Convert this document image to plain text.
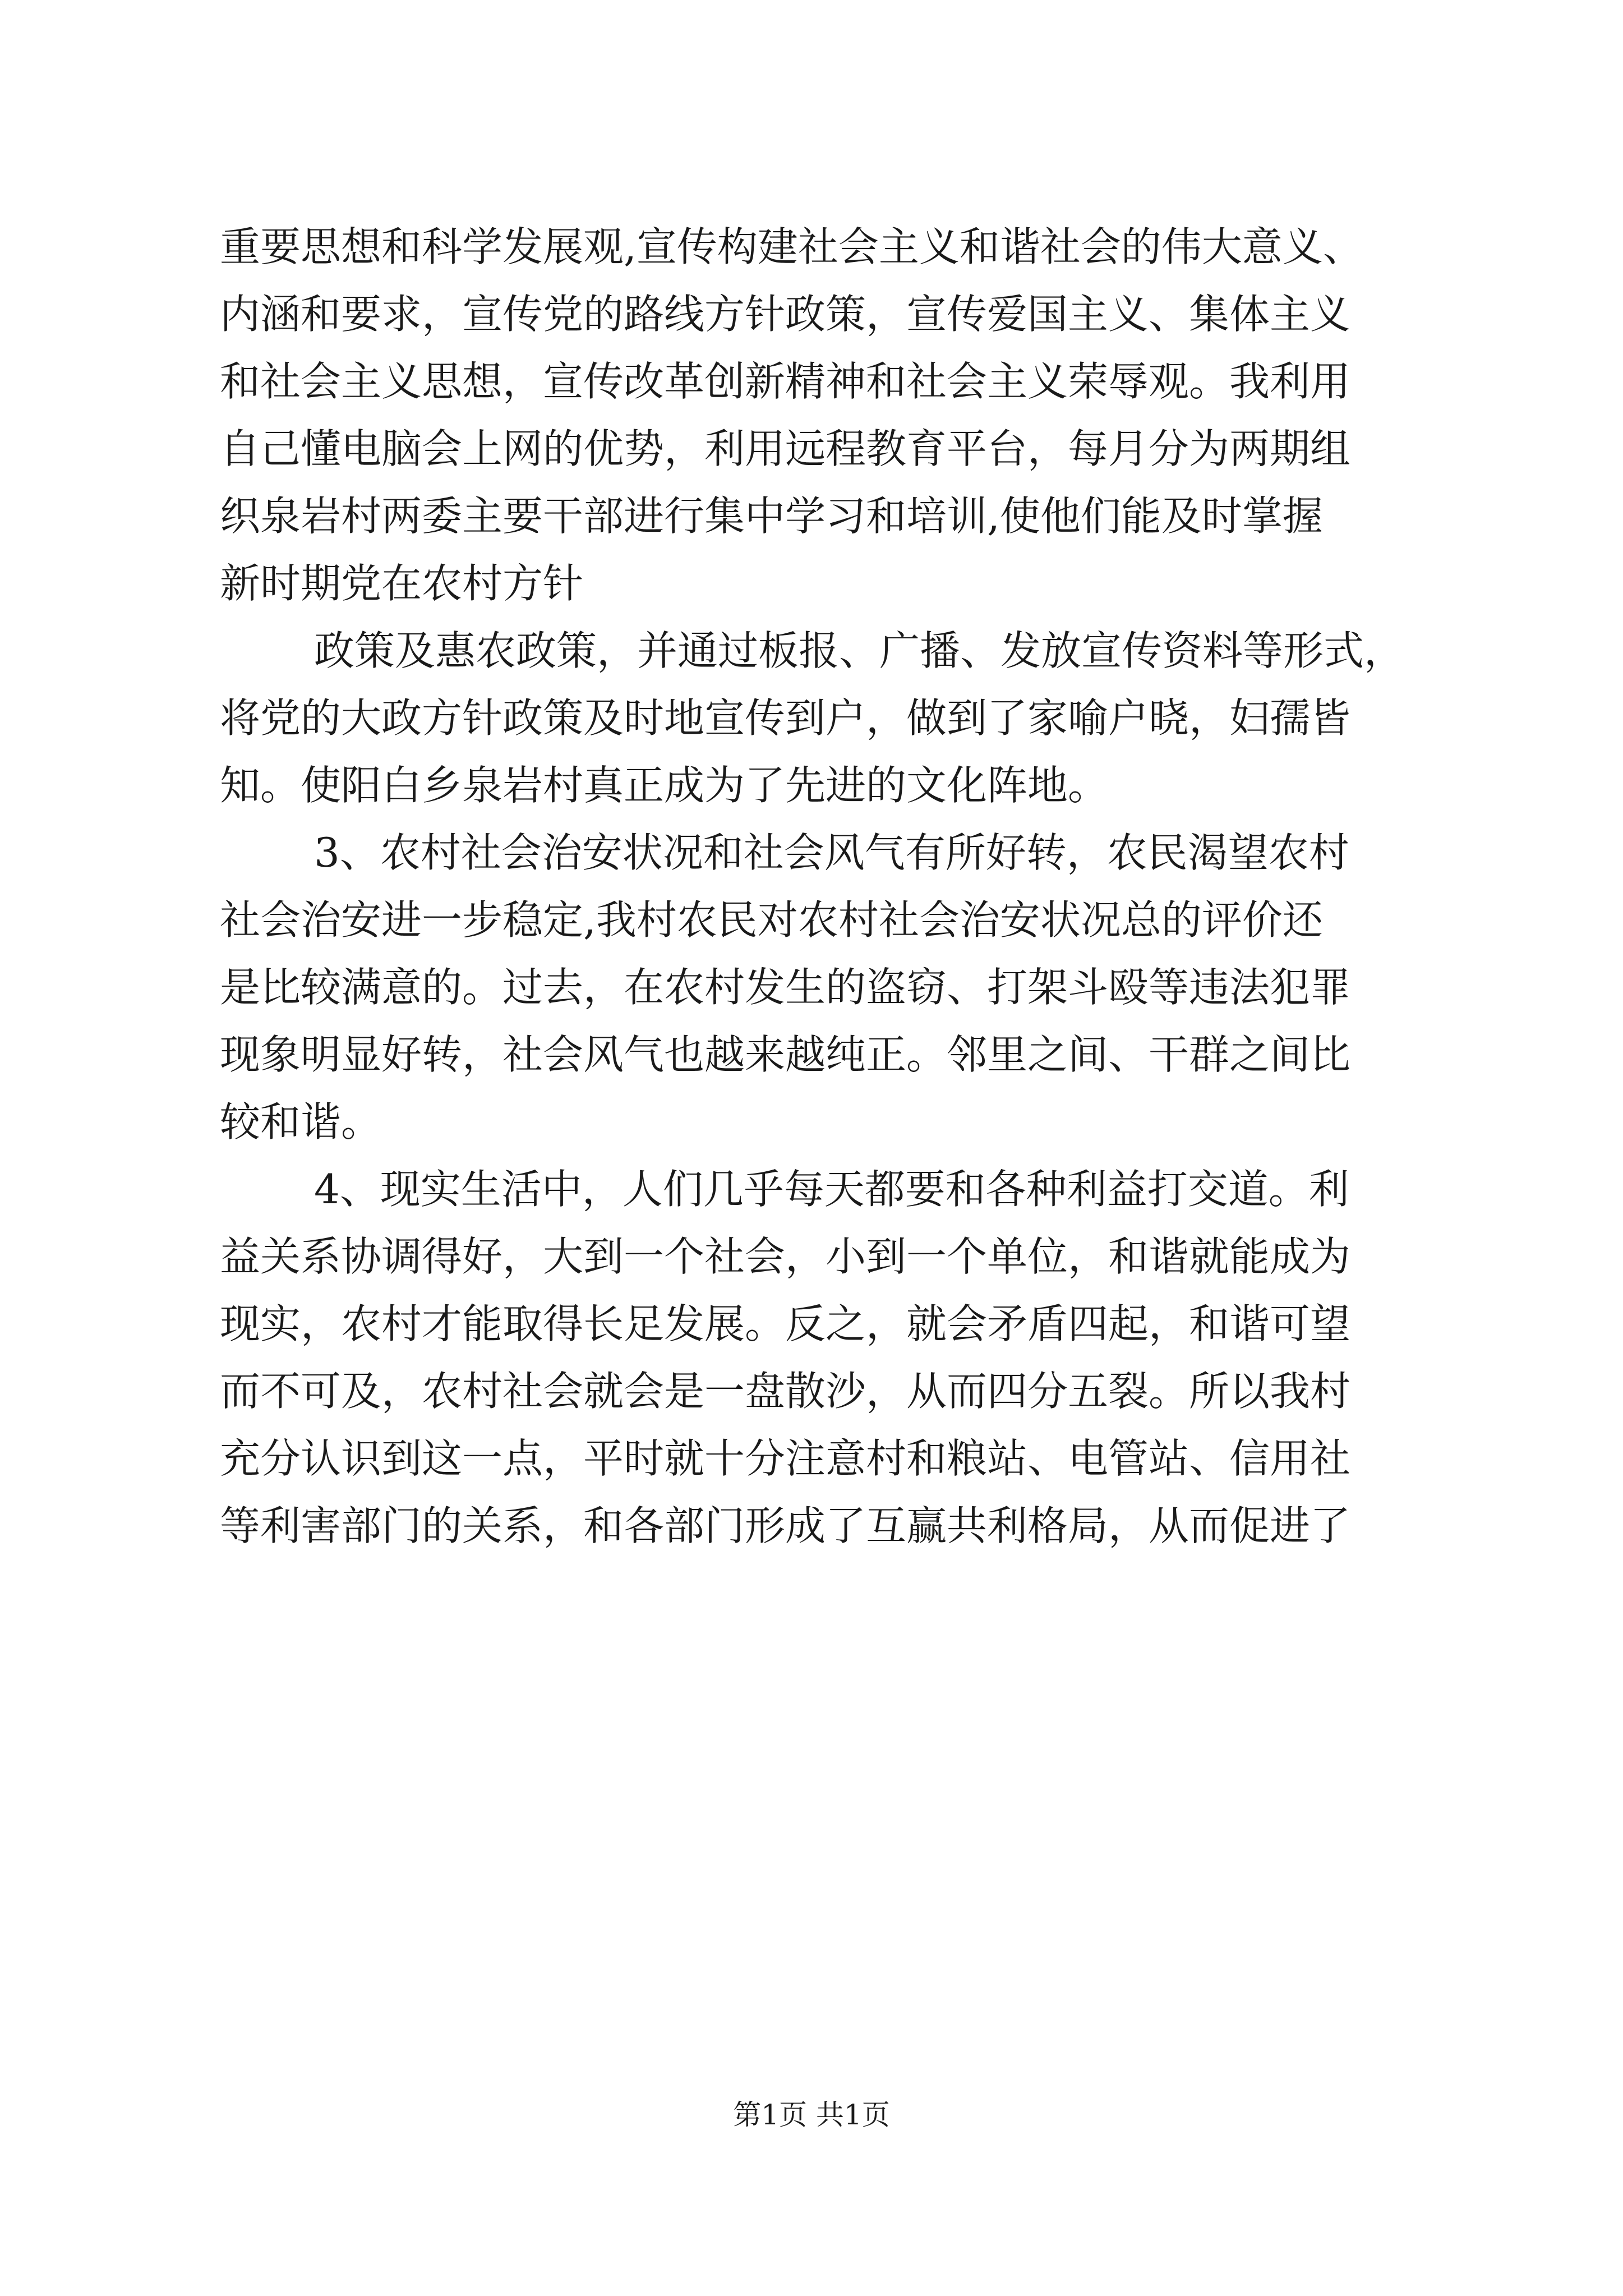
重要思想和科学发展观,宣传构建社会主义和谐社会的伟大意义、
内涵和要求，宣传党的路线方针政策，宣传爱国主义、集体主义
和社会主义思想，宣传改革创新精神和社会主义荣辱观。我利用
自己懂电脑会上网的优势，利用远程教育平台，每月分为两期组
织泉岩村两委主要干部进行集中学习和培训,使他们能及时掌握
新时期党在农村方针
政策及惠农政策，并通过板报、广播、发放宣传资料等形式，
将党的大政方针政策及时地宣传到户，做到了家喻户晓，妇孺皆
知。使阳白乡泉岩村真正成为了先进的文化阵地。
3、农村社会治安状况和社会风气有所好转，农民渴望农村
社会治安进一步稳定,我村农民对农村社会治安状况总的评价还
是比较满意的。过去，在农村发生的盗窃、打架斗殴等违法犯罪
现象明显好转，社会风气也越来越纯正。邻里之间、干群之间比
较和谐。
4、现实生活中，人们几乎每天都要和各种利益打交道。利
益关系协调得好，大到一个社会，小到一个单位，和谐就能成为
现实，农村才能取得长足发展。反之，就会矛盾四起，和谐可望
而不可及，农村社会就会是一盘散沙，从而四分五裂。所以我村
充分认识到这一点，平时就十分注意村和粮站、电管站、信用社
等利害部门的关系，和各部门形成了互赢共利格局，从而促进了
第1页 共1页
